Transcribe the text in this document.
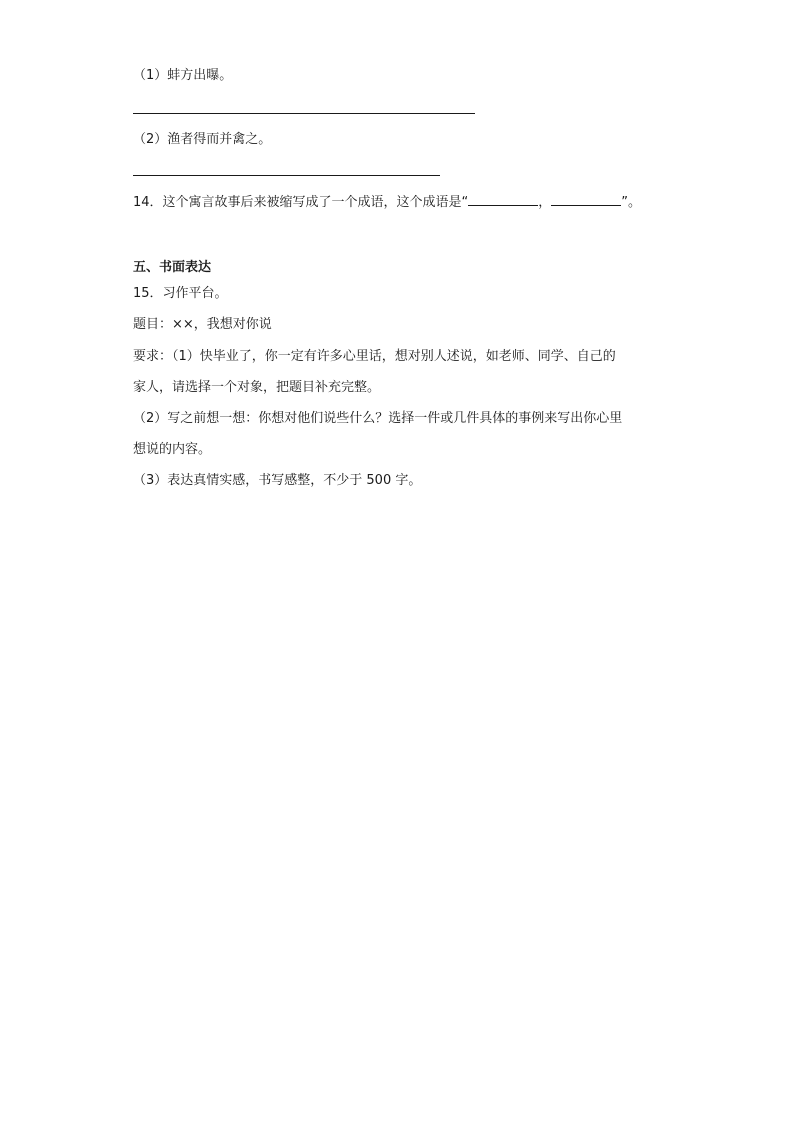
（1）蚌方出曝。
（2）渔者得而并禽之。
14．这个寓言故事后来被缩写成了一个成语，这个成语是“	，	”。
五、书面表达
15．习作平台。
题目：××，我想对你说
要求：（1）快毕业了，你一定有许多心里话，想对别人述说，如老师、同学、自己的
家人，请选择一个对象，把题目补充完整。
（2）写之前想一想：你想对他们说些什么？选择一件或几件具体的事例来写出你心里
想说的内容。
（3）表达真情实感，书写感整，不少于 500 字。
